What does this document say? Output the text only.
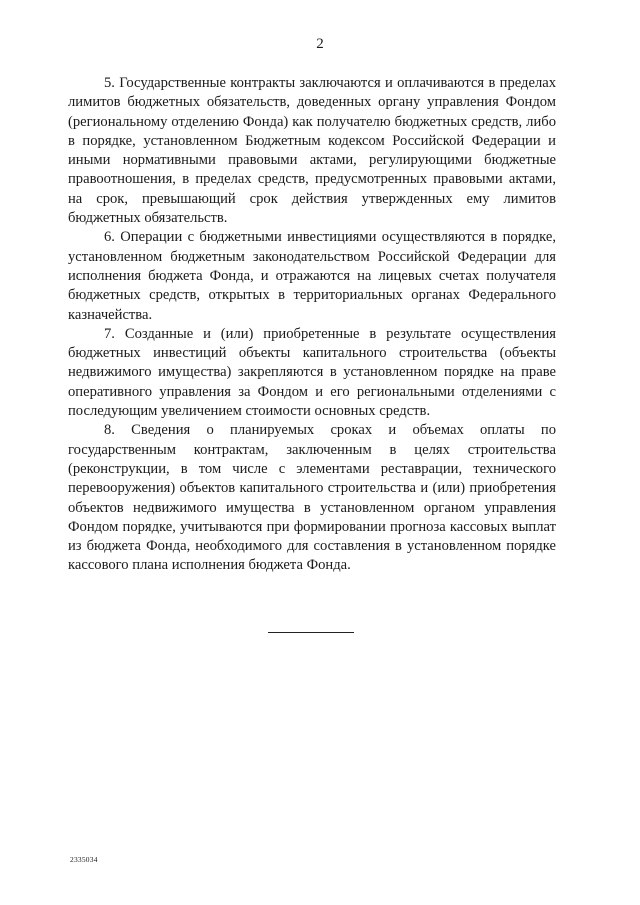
2

5. Государственные контракты заключаются и оплачиваются в пределах лимитов бюджетных обязательств, доведенных органу управления Фондом (региональному отделению Фонда) как получателю бюджетных средств, либо в порядке, установленном Бюджетным кодексом Российской Федерации и иными нормативными правовыми актами, регулирующими бюджетные правоотношения, в пределах средств, предусмотренных правовыми актами, на срок, превышающий срок действия утвержденных ему лимитов бюджетных обязательств.

6. Операции с бюджетными инвестициями осуществляются в порядке, установленном бюджетным законодательством Российской Федерации для исполнения бюджета Фонда, и отражаются на лицевых счетах получателя бюджетных средств, открытых в территориальных органах Федерального казначейства.

7. Созданные и (или) приобретенные в результате осуществления бюджетных инвестиций объекты капитального строительства (объекты недвижимого имущества) закрепляются в установленном порядке на праве оперативного управления за Фондом и его региональными отделениями с последующим увеличением стоимости основных средств.

8. Сведения о планируемых сроках и объемах оплаты по государственным контрактам, заключенным в целях строительства (реконструкции, в том числе с элементами реставрации, технического перевооружения) объектов капитального строительства и (или) приобретения объектов недвижимого имущества в установленном органом управления Фондом порядке, учитываются при формировании прогноза кассовых выплат из бюджета Фонда, необходимого для составления в установленном порядке кассового плана исполнения бюджета Фонда.

2335034
